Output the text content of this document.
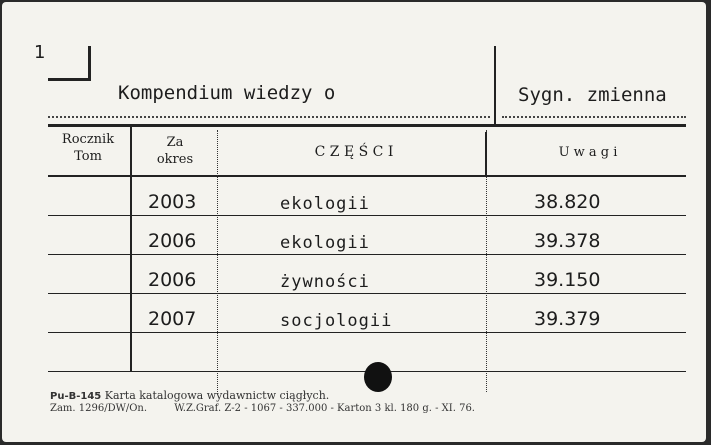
1
Kompendium wiedzy o	Sygn. zmienna
Rocznik
Tom
Za
okres	C Z Ę Ś C I	U w a g i
2003	ekologii	38.820
2006	ekologii	39.378
2006	żywności	39.150
2007	socjologii	39.379
Pu-B-145 Karta katalogowa wydawnictw ciągłych.
Zam. 1296/DW/On.	W.Z.Graf. Z-2 - 1067 - 337.000 - Karton 3 kl. 180 g. - XI. 76.
